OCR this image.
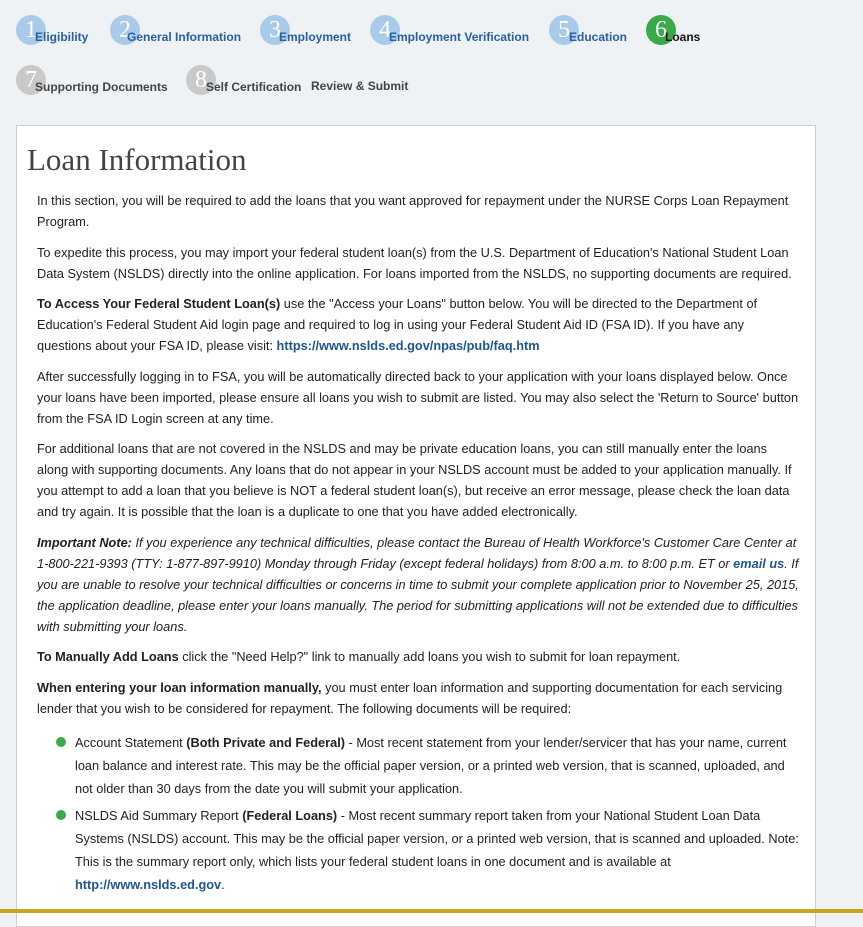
1
Eligibility	2
General Information	3
Employment	4
Employment Verification	5 Education	6
Loans
7
Supporting Documents	8 Self Certification Review & Submit
Loan Information

In this section, you will be required to add the loans that you want approved for repayment under the NURSE Corps Loan Repayment Program.

To expedite this process, you may import your federal student loan(s) from the U.S. Department of Education's National Student Loan Data System (NSLDS) directly into the online application. For loans imported from the NSLDS, no supporting documents are required.

To Access Your Federal Student Loan(s) use the "Access your Loans" button below. You will be directed to the Department of Education's Federal Student Aid login page and required to log in using your Federal Student Aid ID (FSA ID). If you have any questions about your FSA ID, please visit: https://www.nslds.ed.gov/npas/pub/faq.htm

After successfully logging in to FSA, you will be automatically directed back to your application with your loans displayed below. Once your loans have been imported, please ensure all loans you wish to submit are listed. You may also select the 'Return to Source' button from the FSA ID Login screen at any time.

For additional loans that are not covered in the NSLDS and may be private education loans, you can still manually enter the loans along with supporting documents. Any loans that do not appear in your NSLDS account must be added to your application manually. If you attempt to add a loan that you believe is NOT a federal student loan(s), but receive an error message, please check the loan data and try again. It is possible that the loan is a duplicate to one that you have added electronically.

Important Note: If you experience any technical difficulties, please contact the Bureau of Health Workforce's Customer Care Center at 1-800-221-9393 (TTY: 1-877-897-9910) Monday through Friday (except federal holidays) from 8:00 a.m. to 8:00 p.m. ET or email us. If you are unable to resolve your technical difficulties or concerns in time to submit your complete application prior to November 25, 2015, the application deadline, please enter your loans manually. The period for submitting applications will not be extended due to difficulties with submitting your loans.

To Manually Add Loans click the "Need Help?" link to manually add loans you wish to submit for loan repayment.

When entering your loan information manually, you must enter loan information and supporting documentation for each servicing lender that you wish to be considered for repayment. The following documents will be required:

Account Statement (Both Private and Federal) - Most recent statement from your lender/servicer that has your name, current loan balance and interest rate. This may be the official paper version, or a printed web version, that is scanned, uploaded, and not older than 30 days from the date you will submit your application.
NSLDS Aid Summary Report (Federal Loans) - Most recent summary report taken from your National Student Loan Data Systems (NSLDS) account. This may be the official paper version, or a printed web version, that is scanned and uploaded. Note: This is the summary report only, which lists your federal student loans in one document and is available at http://www.nslds.ed.gov.
